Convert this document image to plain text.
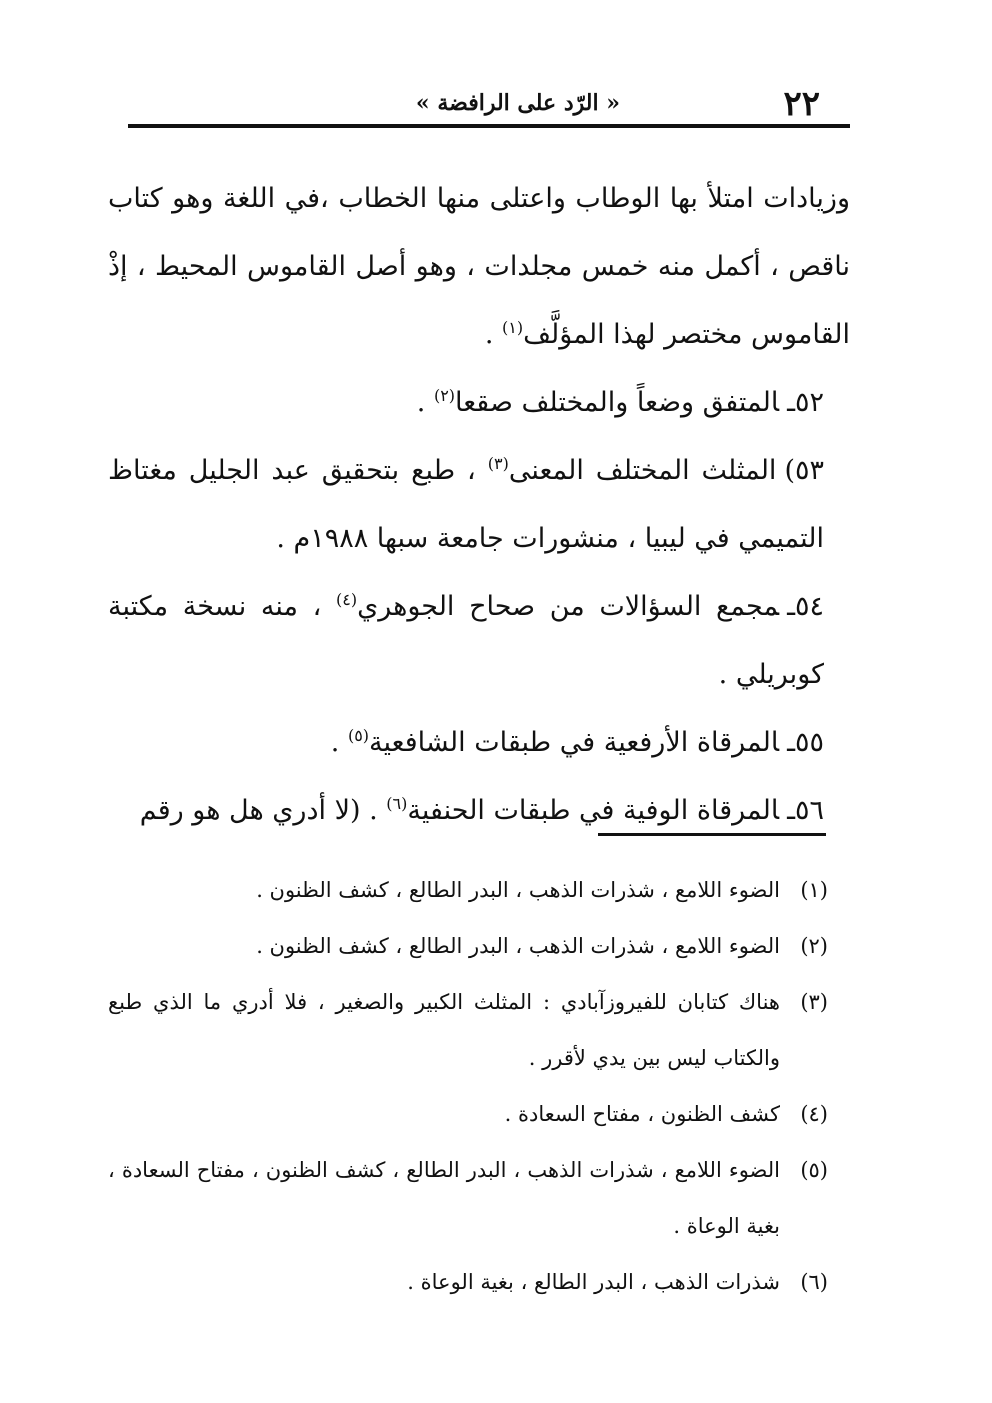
٢٢
« الرّد على الرافضة »

وزيادات امتلأ بها الوطاب واعتلى منها الخطاب ،في اللغة وهو كتاب ناقص ، أكمل منه خمس مجلدات ، وهو أصل القاموس المحيط ، إذْ القاموس مختصر لهذا المؤلَّف$^{(١)}$ .

٥٢ـالمتفق وضعاً والمختلف صقعا$^{(٢)}$ .

٥٣)المثلث المختلف المعنى$^{(٣)}$ ، طبع بتحقيق عبد الجليل مغتاظ التميمي في ليبيا ، منشورات جامعة سبها ١٩٨٨م .

٥٤ـمجمع السؤالات من صحاح الجوهري$^{(٤)}$ ، منه نسخة مكتبة كوبريلي .

٥٥ـالمرقاة الأرفعية في طبقات الشافعية$^{(٥)}$ .

٥٦ـالمرقاة الوفية في طبقات الحنفية$^{(٦)}$ . (لا أدري هل هو رقم

(١)
الضوء اللامع ، شذرات الذهب ، البدر الطالع ، كشف الظنون .

(٢)
الضوء اللامع ، شذرات الذهب ، البدر الطالع ، كشف الظنون .

(٣)
هناك كتابان للفيروزآبادي : المثلث الكبير والصغير ، فلا أدري ما الذي طبع والكتاب ليس بين يدي لأقرر .

(٤)
كشف الظنون ، مفتاح السعادة .

(٥)
الضوء اللامع ، شذرات الذهب ، البدر الطالع ، كشف الظنون ، مفتاح السعادة ، بغية الوعاة .

(٦)
شذرات الذهب ، البدر الطالع ، بغية الوعاة .
